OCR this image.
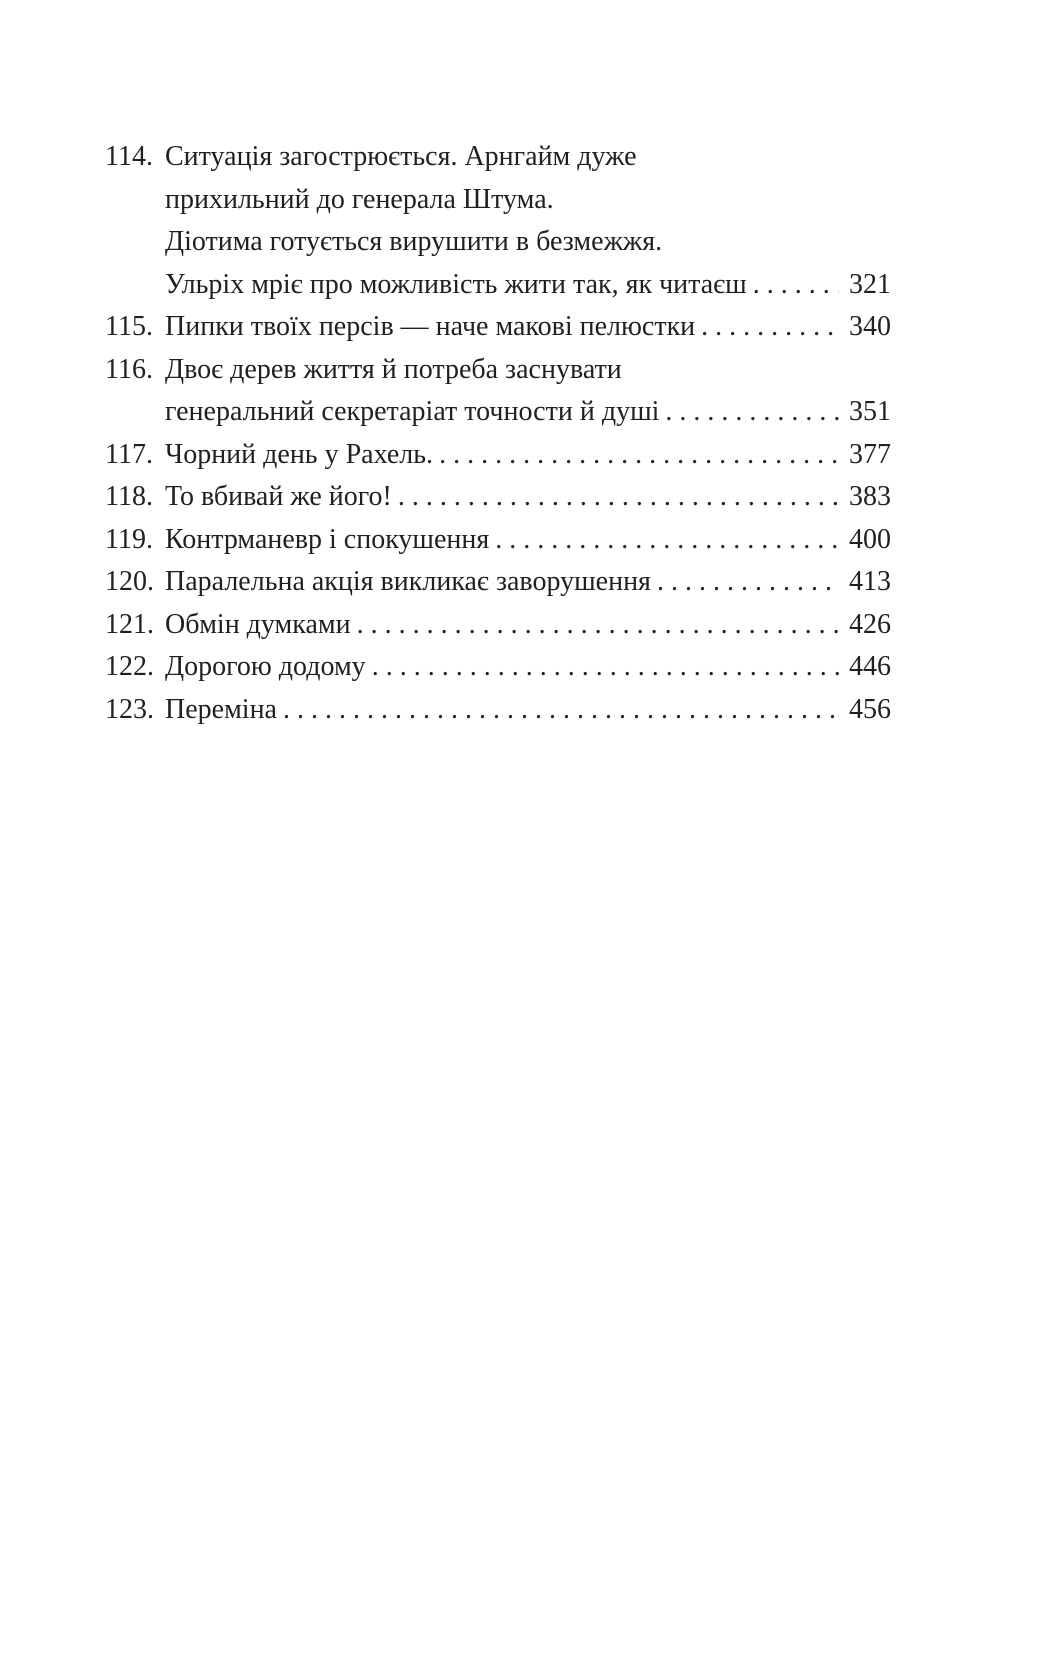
114. Ситуація загострюється. Арнгайм дуже
прихильний до генерала Штума.
Діотима готується вирушити в безмежжя.
Ульріх мріє про можливість жити так, як читаєш . . .	321
115. Пипки твоїх персів — наче макові пелюстки . . .	340
116. Двоє дерев життя й потреба заснувати
генеральний секретаріат точности й душі . . .	351
117. Чорний день у Рахель. . . .	377
118. То вбивай же його! . . .	383
119. Контрманевр і спокушення . . .	400
120. Паралельна акція викликає заворушення . . .	413
121. Обмін думками . . .	426
122. Дорогою додому . . .	446
123. Переміна . . .	456
